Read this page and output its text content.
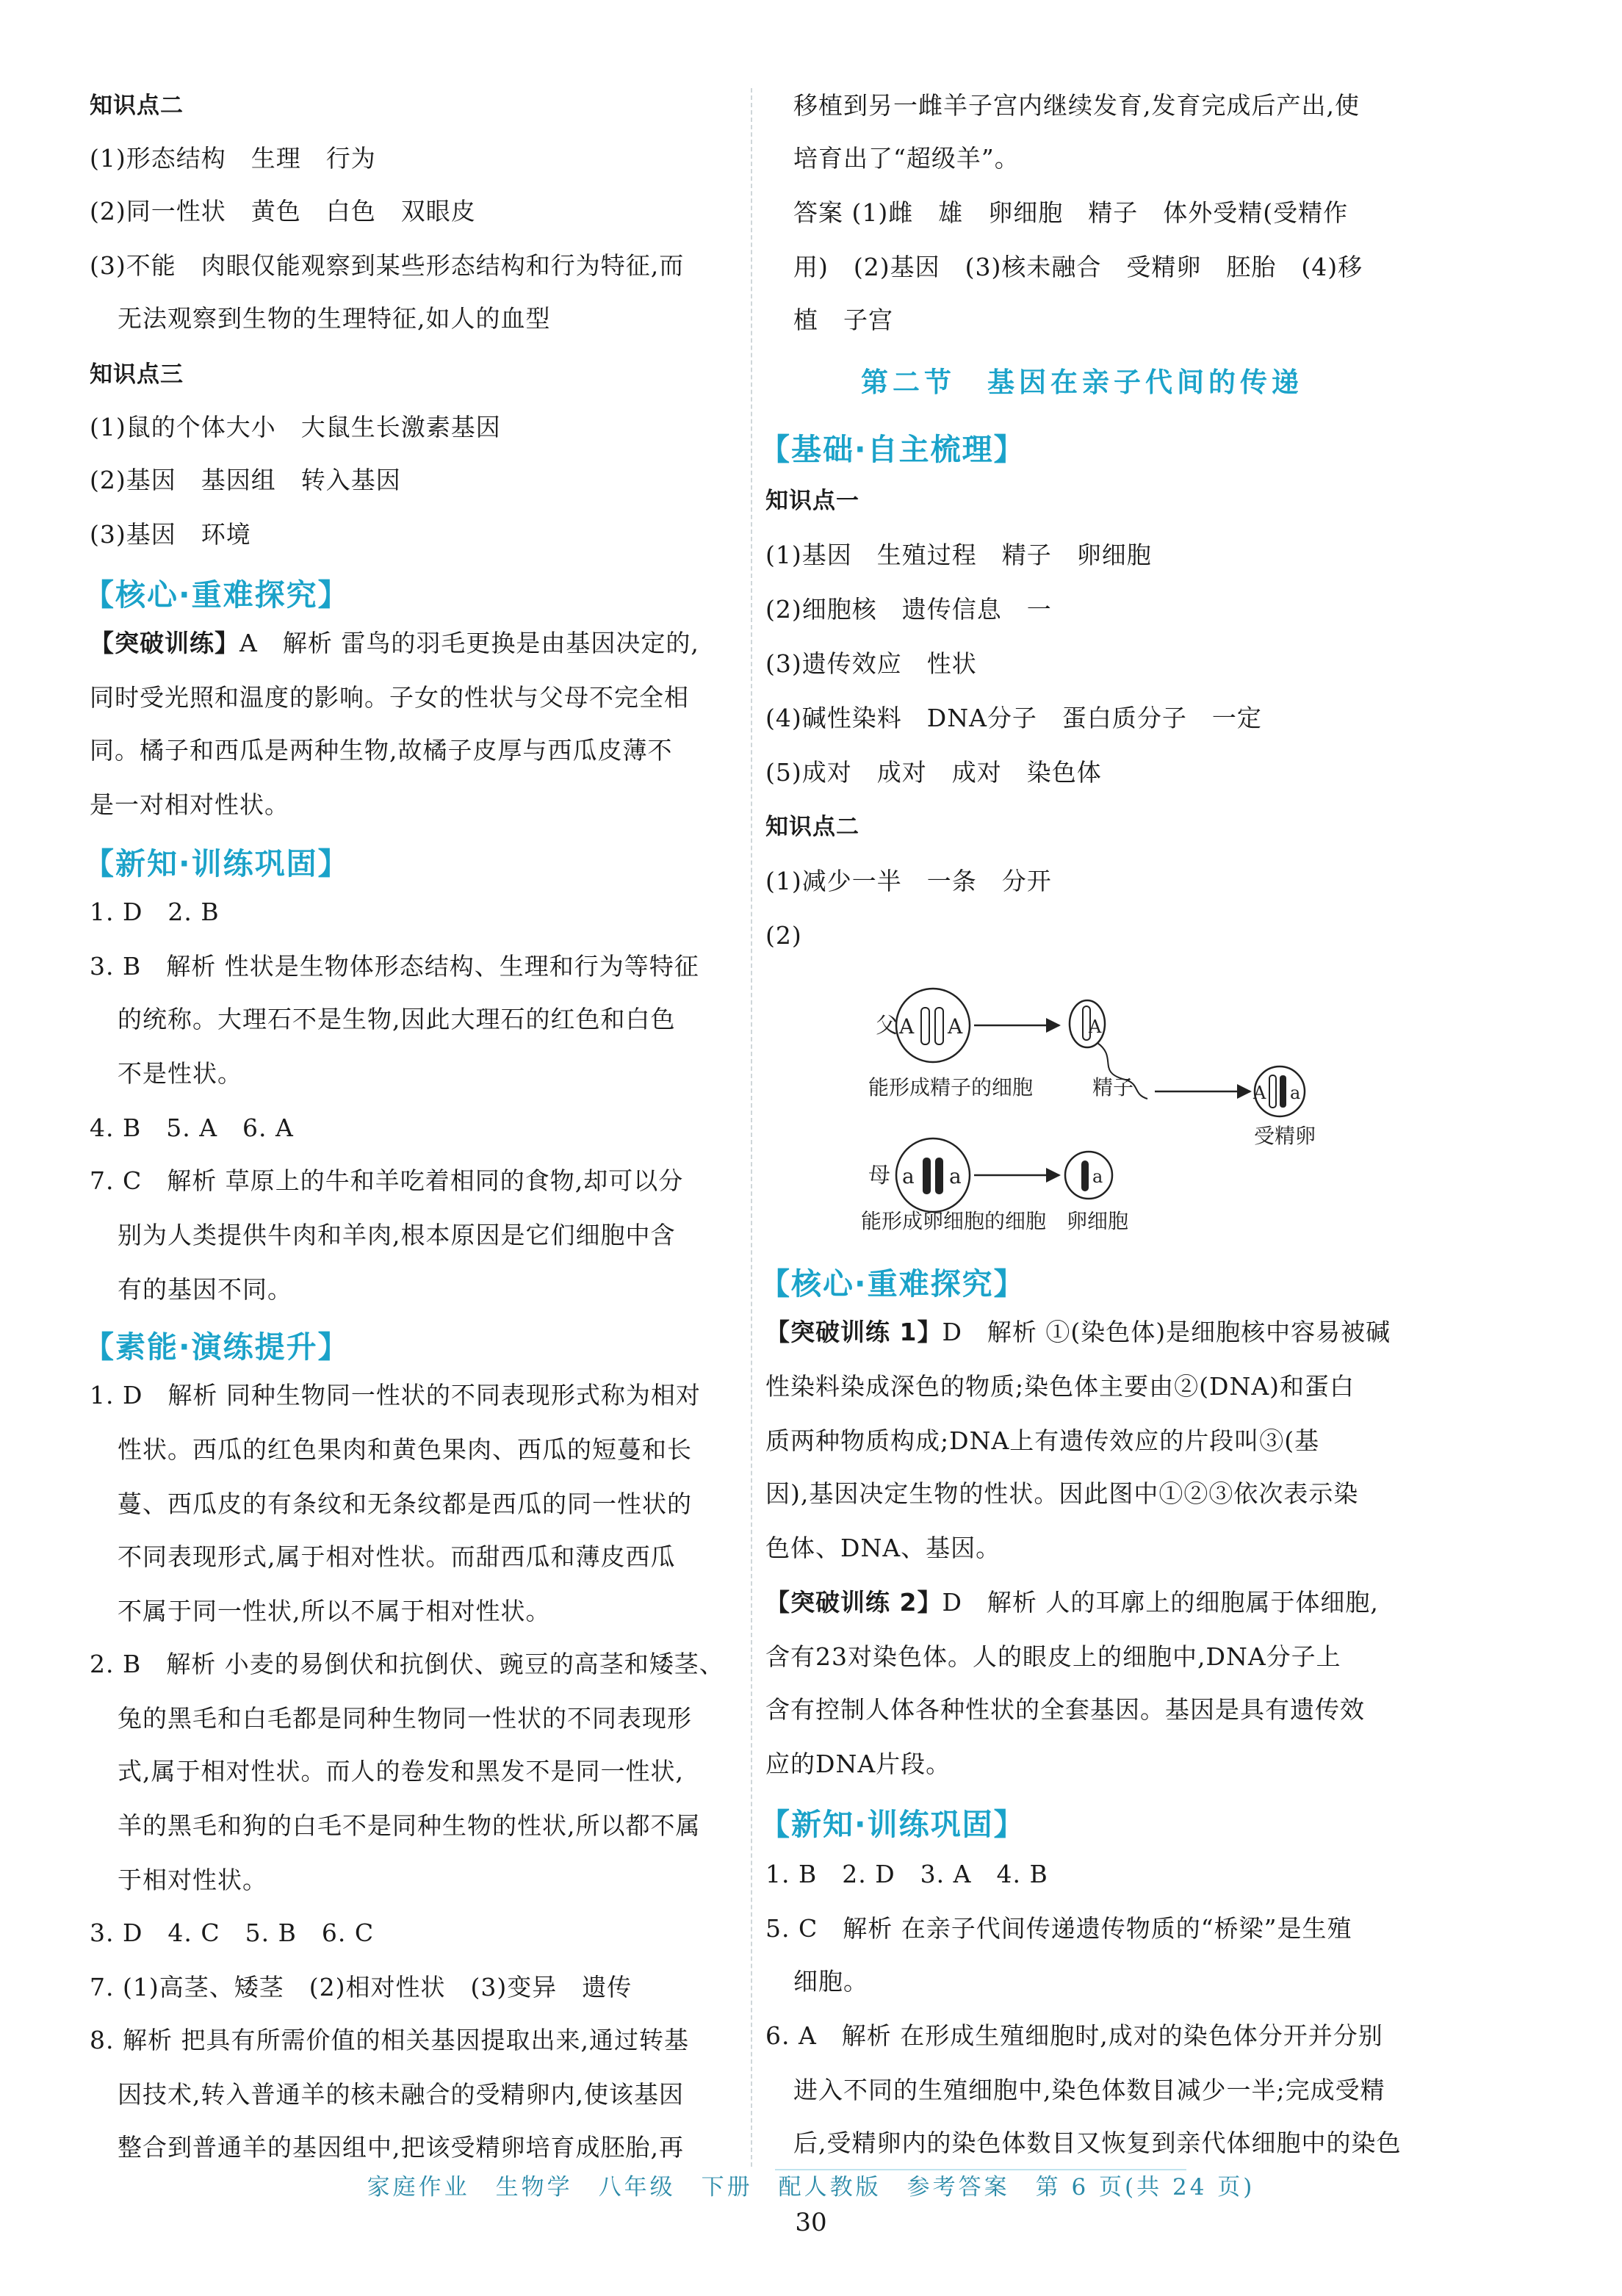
知识点二
(1)形态结构　生理　行为
(2)同一性状　黄色　白色　双眼皮
(3)不能　肉眼仅能观察到某些形态结构和行为特征,而
无法观察到生物的生理特征,如人的血型
知识点三
(1)鼠的个体大小　大鼠生长激素基因
(2)基因　基因组　转入基因
(3)基因　环境
【核心·重难探究】
【突破训练】A　解析 雷鸟的羽毛更换是由基因决定的,
同时受光照和温度的影响。子女的性状与父母不完全相
同。橘子和西瓜是两种生物,故橘子皮厚与西瓜皮薄不
是一对相对性状。
【新知·训练巩固】
1. D　2. B
3. B　解析 性状是生物体形态结构、生理和行为等特征
的统称。大理石不是生物,因此大理石的红色和白色
不是性状。
4. B　5. A　6. A
7. C　解析 草原上的牛和羊吃着相同的食物,却可以分
别为人类提供牛肉和羊肉,根本原因是它们细胞中含
有的基因不同。
【素能·演练提升】
1. D　解析 同种生物同一性状的不同表现形式称为相对
性状。西瓜的红色果肉和黄色果肉、西瓜的短蔓和长
蔓、西瓜皮的有条纹和无条纹都是西瓜的同一性状的
不同表现形式,属于相对性状。而甜西瓜和薄皮西瓜
不属于同一性状,所以不属于相对性状。
2. B　解析 小麦的易倒伏和抗倒伏、豌豆的高茎和矮茎、
兔的黑毛和白毛都是同种生物同一性状的不同表现形
式,属于相对性状。而人的卷发和黑发不是同一性状,
羊的黑毛和狗的白毛不是同种生物的性状,所以都不属
于相对性状。
3. D　4. C　5. B　6. C
7. (1)高茎、矮茎　(2)相对性状　(3)变异　遗传
8. 解析 把具有所需价值的相关基因提取出来,通过转基
因技术,转入普通羊的核未融合的受精卵内,使该基因
整合到普通羊的基因组中,把该受精卵培育成胚胎,再
移植到另一雌羊子宫内继续发育,发育完成后产出,使
培育出了“超级羊”。
答案 (1)雌　雄　卵细胞　精子　体外受精(受精作
用)　(2)基因　(3)核未融合　受精卵　胚胎　(4)移
植　子宫
第二节　基因在亲子代间的传递
【基础·自主梳理】
知识点一
(1)基因　生殖过程　精子　卵细胞
(2)细胞核　遗传信息　一
(3)遗传效应　性状
(4)碱性染料　DNA分子　蛋白质分子　一定
(5)成对　成对　成对　染色体
知识点二
(1)减少一半　一条　分开
(2)
父 A A	A
能形成精子的细胞	精子
母 a a	a
能形成卵细胞的细胞 卵细胞
A a
受精卵
【核心·重难探究】
【突破训练 1】D　解析 ①(染色体)是细胞核中容易被碱
性染料染成深色的物质;染色体主要由②(DNA)和蛋白
质两种物质构成;DNA上有遗传效应的片段叫③(基
因),基因决定生物的性状。因此图中①②③依次表示染
色体、DNA、基因。
【突破训练 2】D　解析 人的耳廓上的细胞属于体细胞,
含有23对染色体。人的眼皮上的细胞中,DNA分子上
含有控制人体各种性状的全套基因。基因是具有遗传效
应的DNA片段。
【新知·训练巩固】
1. B　2. D　3. A　4. B
5. C　解析 在亲子代间传递遗传物质的“桥梁”是生殖
细胞。
6. A　解析 在形成生殖细胞时,成对的染色体分开并分别
进入不同的生殖细胞中,染色体数目减少一半;完成受精
后,受精卵内的染色体数目又恢复到亲代体细胞中的染色
家庭作业　生物学　八年级　下册　配人教版　参考答案　第 6 页(共 24 页)
30
